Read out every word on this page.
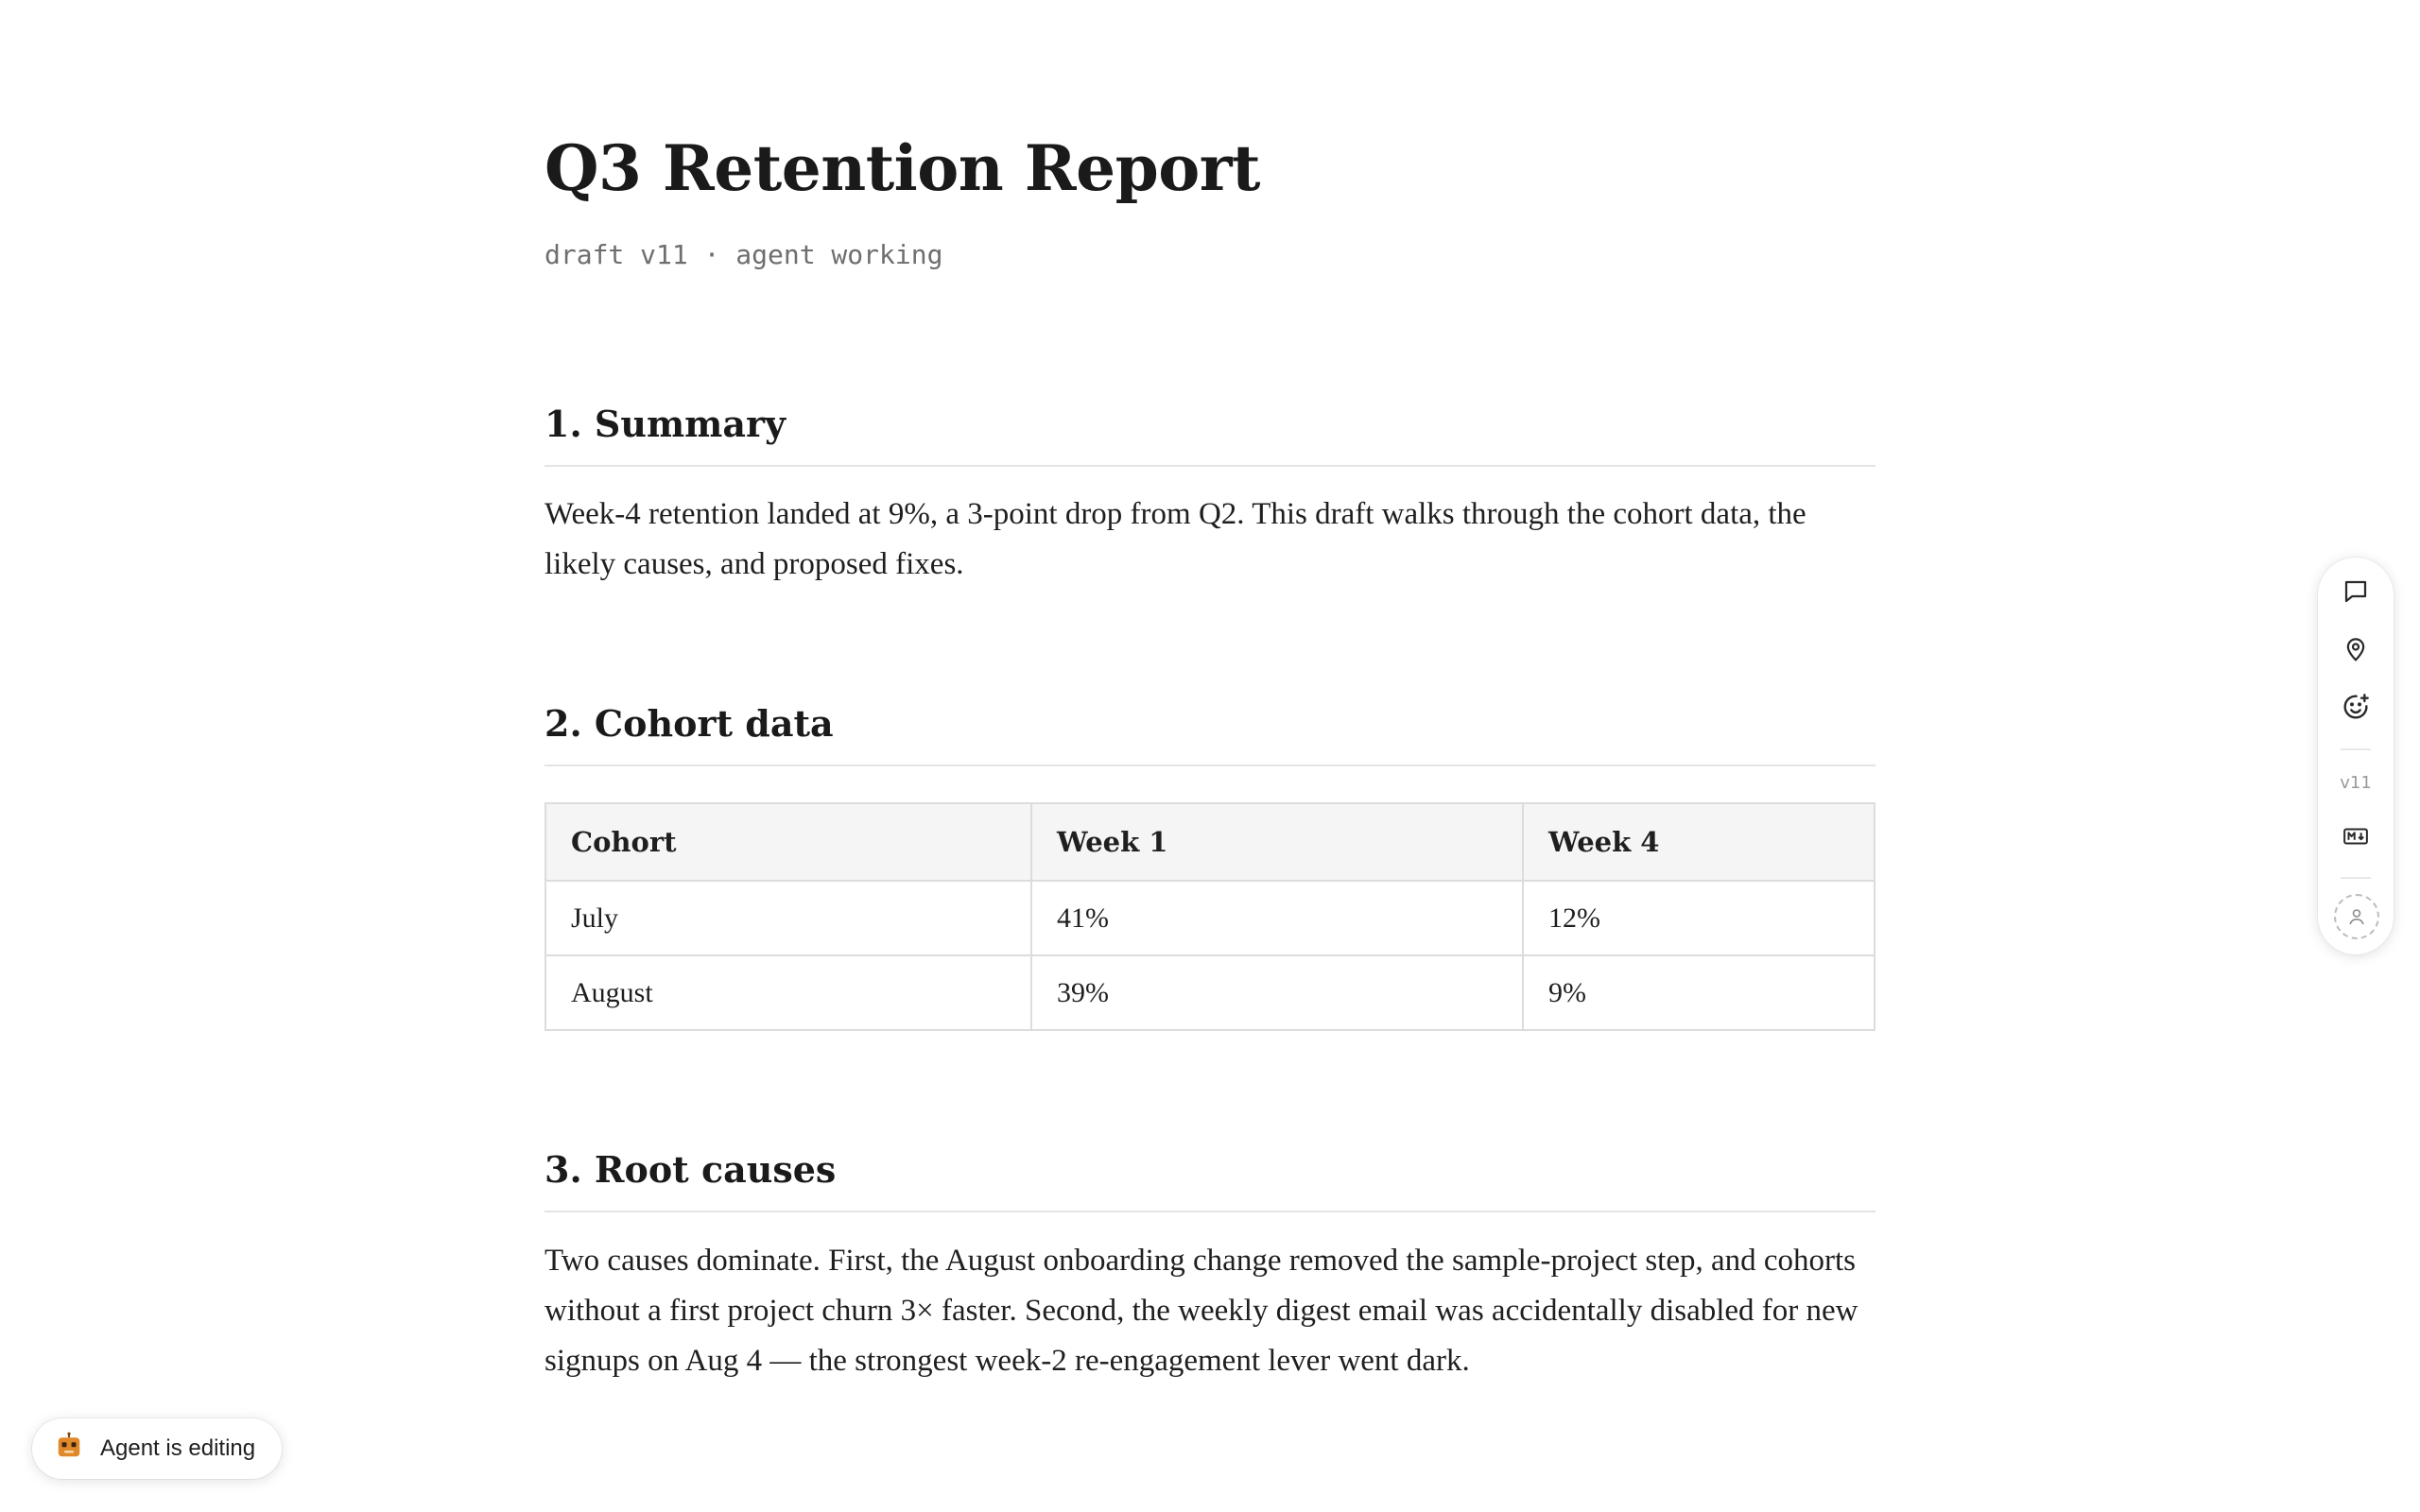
Q3 Retention Report
draft v11 · agent working
1. Summary

Week-4 retention landed at 9%, a 3-point drop from Q2. This draft walks through the cohort data, the likely causes, and proposed fixes.

2. Cohort data
Cohort	Week 1	Week 4
July	41%	12%
August	39%	9%
3. Root causes

Two causes dominate. First, the August onboarding change removed the sample-project step, and cohorts without a first project churn 3× faster. Second, the weekly digest email was accidentally disabled for new signups on Aug 4 — the strongest week-2 re-engagement lever went dark.

v11
Agent is editing
